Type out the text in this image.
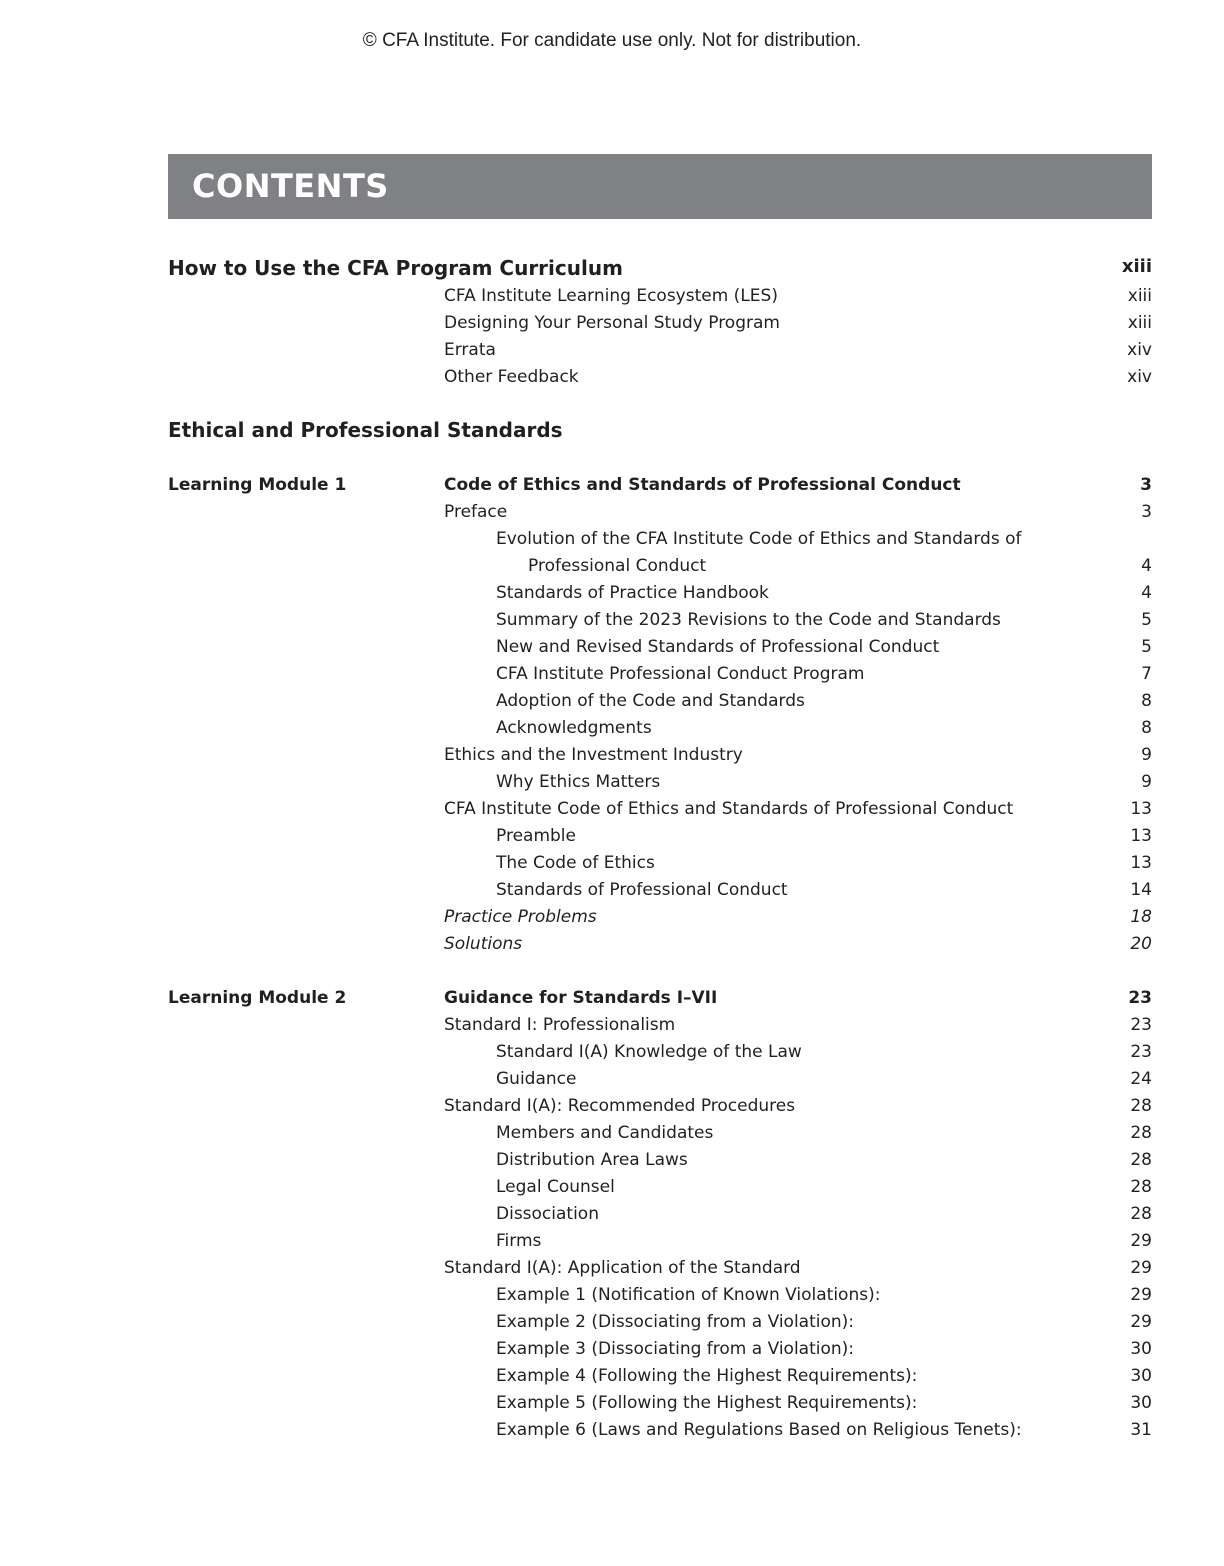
© CFA Institute. For candidate use only. Not for distribution.
CONTENTS
How to Use the CFA Program Curriculum	xiii
CFA Institute Learning Ecosystem (LES)	xiii
Designing Your Personal Study Program	xiii
Errata	xiv
Other Feedback	xiv
Ethical and Professional Standards
Learning Module 1	Code of Ethics and Standards of Professional Conduct	3
Preface	3
Evolution of the CFA Institute Code of Ethics and Standards of
Professional Conduct	4
Standards of Practice Handbook	4
Summary of the 2023 Revisions to the Code and Standards	5
New and Revised Standards of Professional Conduct	5
CFA Institute Professional Conduct Program	7
Adoption of the Code and Standards	8
Acknowledgments	8
Ethics and the Investment Industry	9
Why Ethics Matters	9
CFA Institute Code of Ethics and Standards of Professional Conduct	13
Preamble	13
The Code of Ethics	13
Standards of Professional Conduct	14
Practice Problems	18
Solutions	20
Learning Module 2	Guidance for Standards I–VII	23
Standard I: Professionalism	23
Standard I(A) Knowledge of the Law	23
Guidance	24
Standard I(A): Recommended Procedures	28
Members and Candidates	28
Distribution Area Laws	28
Legal Counsel	28
Dissociation	28
Firms	29
Standard I(A): Application of the Standard	29
Example 1 (Notification of Known Violations):	29
Example 2 (Dissociating from a Violation):	29
Example 3 (Dissociating from a Violation):	30
Example 4 (Following the Highest Requirements):	30
Example 5 (Following the Highest Requirements):	30
Example 6 (Laws and Regulations Based on Religious Tenets):	31
